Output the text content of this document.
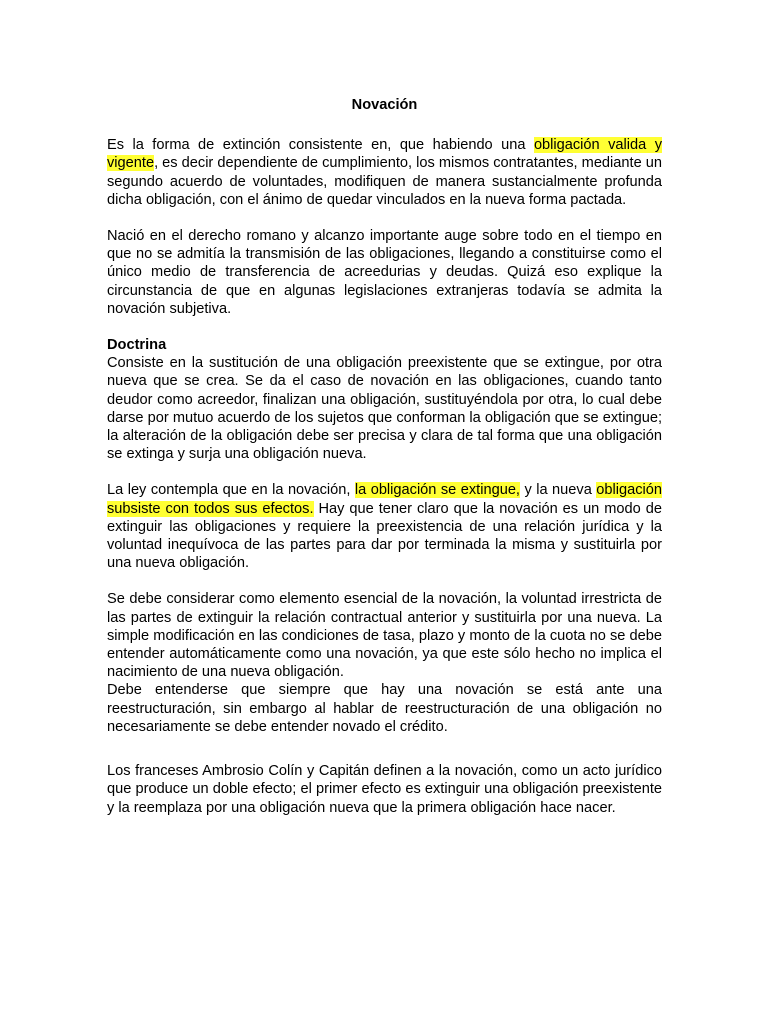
Novación

Es la forma de extinción consistente en, que habiendo una obligación valida y vigente, es decir dependiente de cumplimiento, los mismos contratantes, mediante un segundo acuerdo de voluntades, modifiquen de manera sustancialmente profunda dicha obligación, con el ánimo de quedar vinculados en la nueva forma pactada.

Nació en el derecho romano y alcanzo importante auge sobre todo en el tiempo en que no se admitía la transmisión de las obligaciones, llegando a constituirse como el único medio de transferencia de acreedurias y deudas. Quizá eso explique la circunstancia de que en algunas legislaciones extranjeras todavía se admita la novación subjetiva.

Doctrina

Consiste en la sustitución de una obligación preexistente que se extingue, por otra nueva que se crea. Se da el caso de novación en las obligaciones, cuando tanto deudor como acreedor, finalizan una obligación, sustituyéndola por otra, lo cual debe darse por mutuo acuerdo de los sujetos que conforman la obligación que se extingue; la alteración de la obligación debe ser precisa y clara de tal forma que una obligación se extinga y surja una obligación nueva.

La ley contempla que en la novación, la obligación se extingue, y la nueva obligación subsiste con todos sus efectos. Hay que tener claro que la novación es un modo de extinguir las obligaciones y requiere la preexistencia de una relación jurídica y la voluntad inequívoca de las partes para dar por terminada la misma y sustituirla por una nueva obligación.

Se debe considerar como elemento esencial de la novación, la voluntad irrestricta de las partes de extinguir la relación contractual anterior y sustituirla por una nueva. La simple modificación en las condiciones de tasa, plazo y monto de la cuota no se debe entender automáticamente como una novación, ya que este sólo hecho no implica el nacimiento de una nueva obligación.

Debe entenderse que siempre que hay una novación se está ante una reestructuración, sin embargo al hablar de reestructuración de una obligación no necesariamente se debe entender novado el crédito.

Los franceses Ambrosio Colín y Capitán definen a la novación, como un acto jurídico que produce un doble efecto; el primer efecto es extinguir una obligación preexistente y la reemplaza por una obligación nueva que la primera obligación hace nacer.
